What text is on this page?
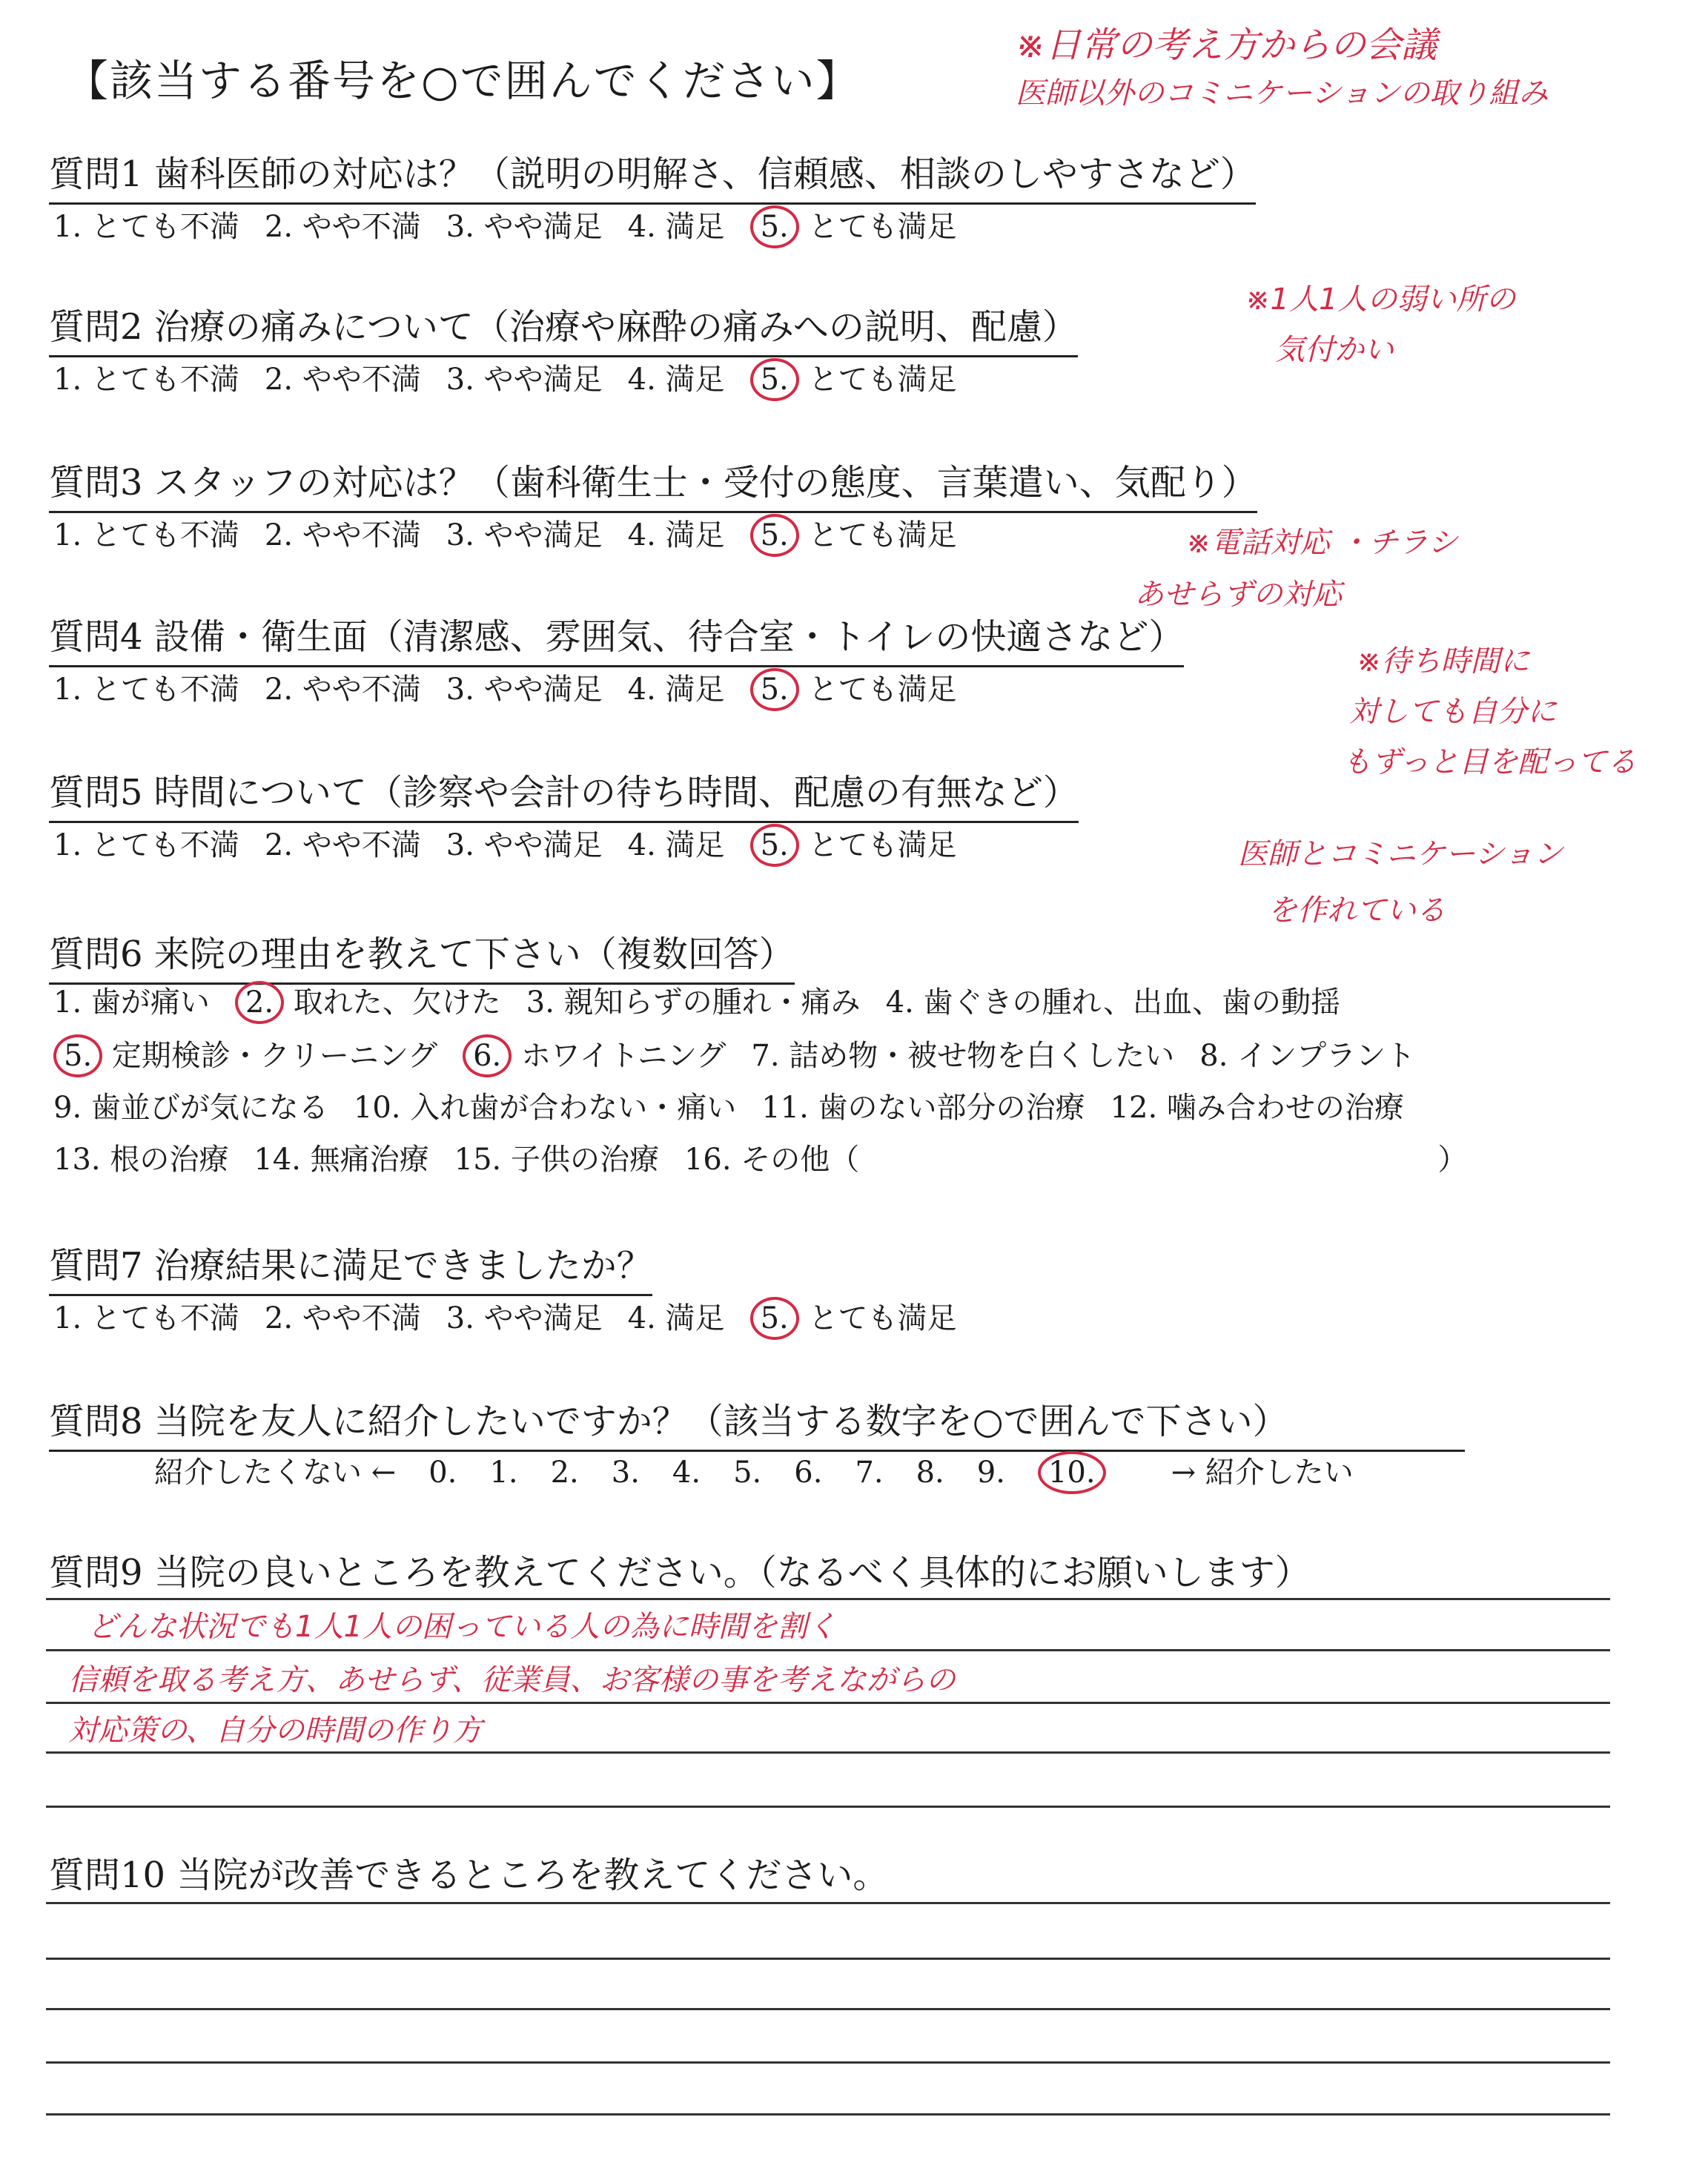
【該当する番号を○で囲んでください】
※日常の考え方からの会議
医師以外のコミニケーションの取り組み
質問1 歯科医師の対応は？（説明の明解さ、信頼感、相談のしやすさなど）
1. とても不満 2. やや不満 3. やや満足 4. 満足 5. とても満足
質問2 治療の痛みについて（治療や麻酔の痛みへの説明、配慮）
1. とても不満 2. やや不満 3. やや満足 4. 満足 5. とても満足
質問3 スタッフの対応は？（歯科衛生士・受付の態度、言葉遣い、気配り）
1. とても不満 2. やや不満 3. やや満足 4. 満足 5. とても満足
質問4 設備・衛生面（清潔感、雰囲気、待合室・トイレの快適さなど）
1. とても不満 2. やや不満 3. やや満足 4. 満足 5. とても満足
質問5 時間について（診察や会計の待ち時間、配慮の有無など）
1. とても不満 2. やや不満 3. やや満足 4. 満足 5. とても満足
※1人1人の弱い所の
気付かい
※電話対応 ・チラシ
あせらずの対応
※待ち時間に
対しても自分に
もずっと目を配ってる
医師とコミニケーション
を作れている
質問6 来院の理由を教えて下さい（複数回答）
1. 歯が痛い 2. 取れた、欠けた 3. 親知らずの腫れ・痛み 4. 歯ぐきの腫れ、出血、歯の動揺
5. 定期検診・クリーニング 6. ホワイトニング 7. 詰め物・被せ物を白くしたい 8. インプラント
9. 歯並びが気になる 10. 入れ歯が合わない・痛い 11. 歯のない部分の治療 12. 噛み合わせの治療
13. 根の治療 14. 無痛治療 15. 子供の治療 16. その他（	）
質問7 治療結果に満足できましたか？
1. とても不満 2. やや不満 3. やや満足 4. 満足 5. とても満足
質問8 当院を友人に紹介したいですか？（該当する数字を○で囲んで下さい）
紹介したくない ← 0. 1. 2. 3. 4. 5. 6. 7. 8. 9. 10.	→ 紹介したい
質問9 当院の良いところを教えてください。（なるべく具体的にお願いします）
どんな状況でも1人1人の困っている人の為に時間を割く
信頼を取る考え方、あせらず、従業員、お客様の事を考えながらの
対応策の、自分の時間の作り方
質問10 当院が改善できるところを教えてください。
